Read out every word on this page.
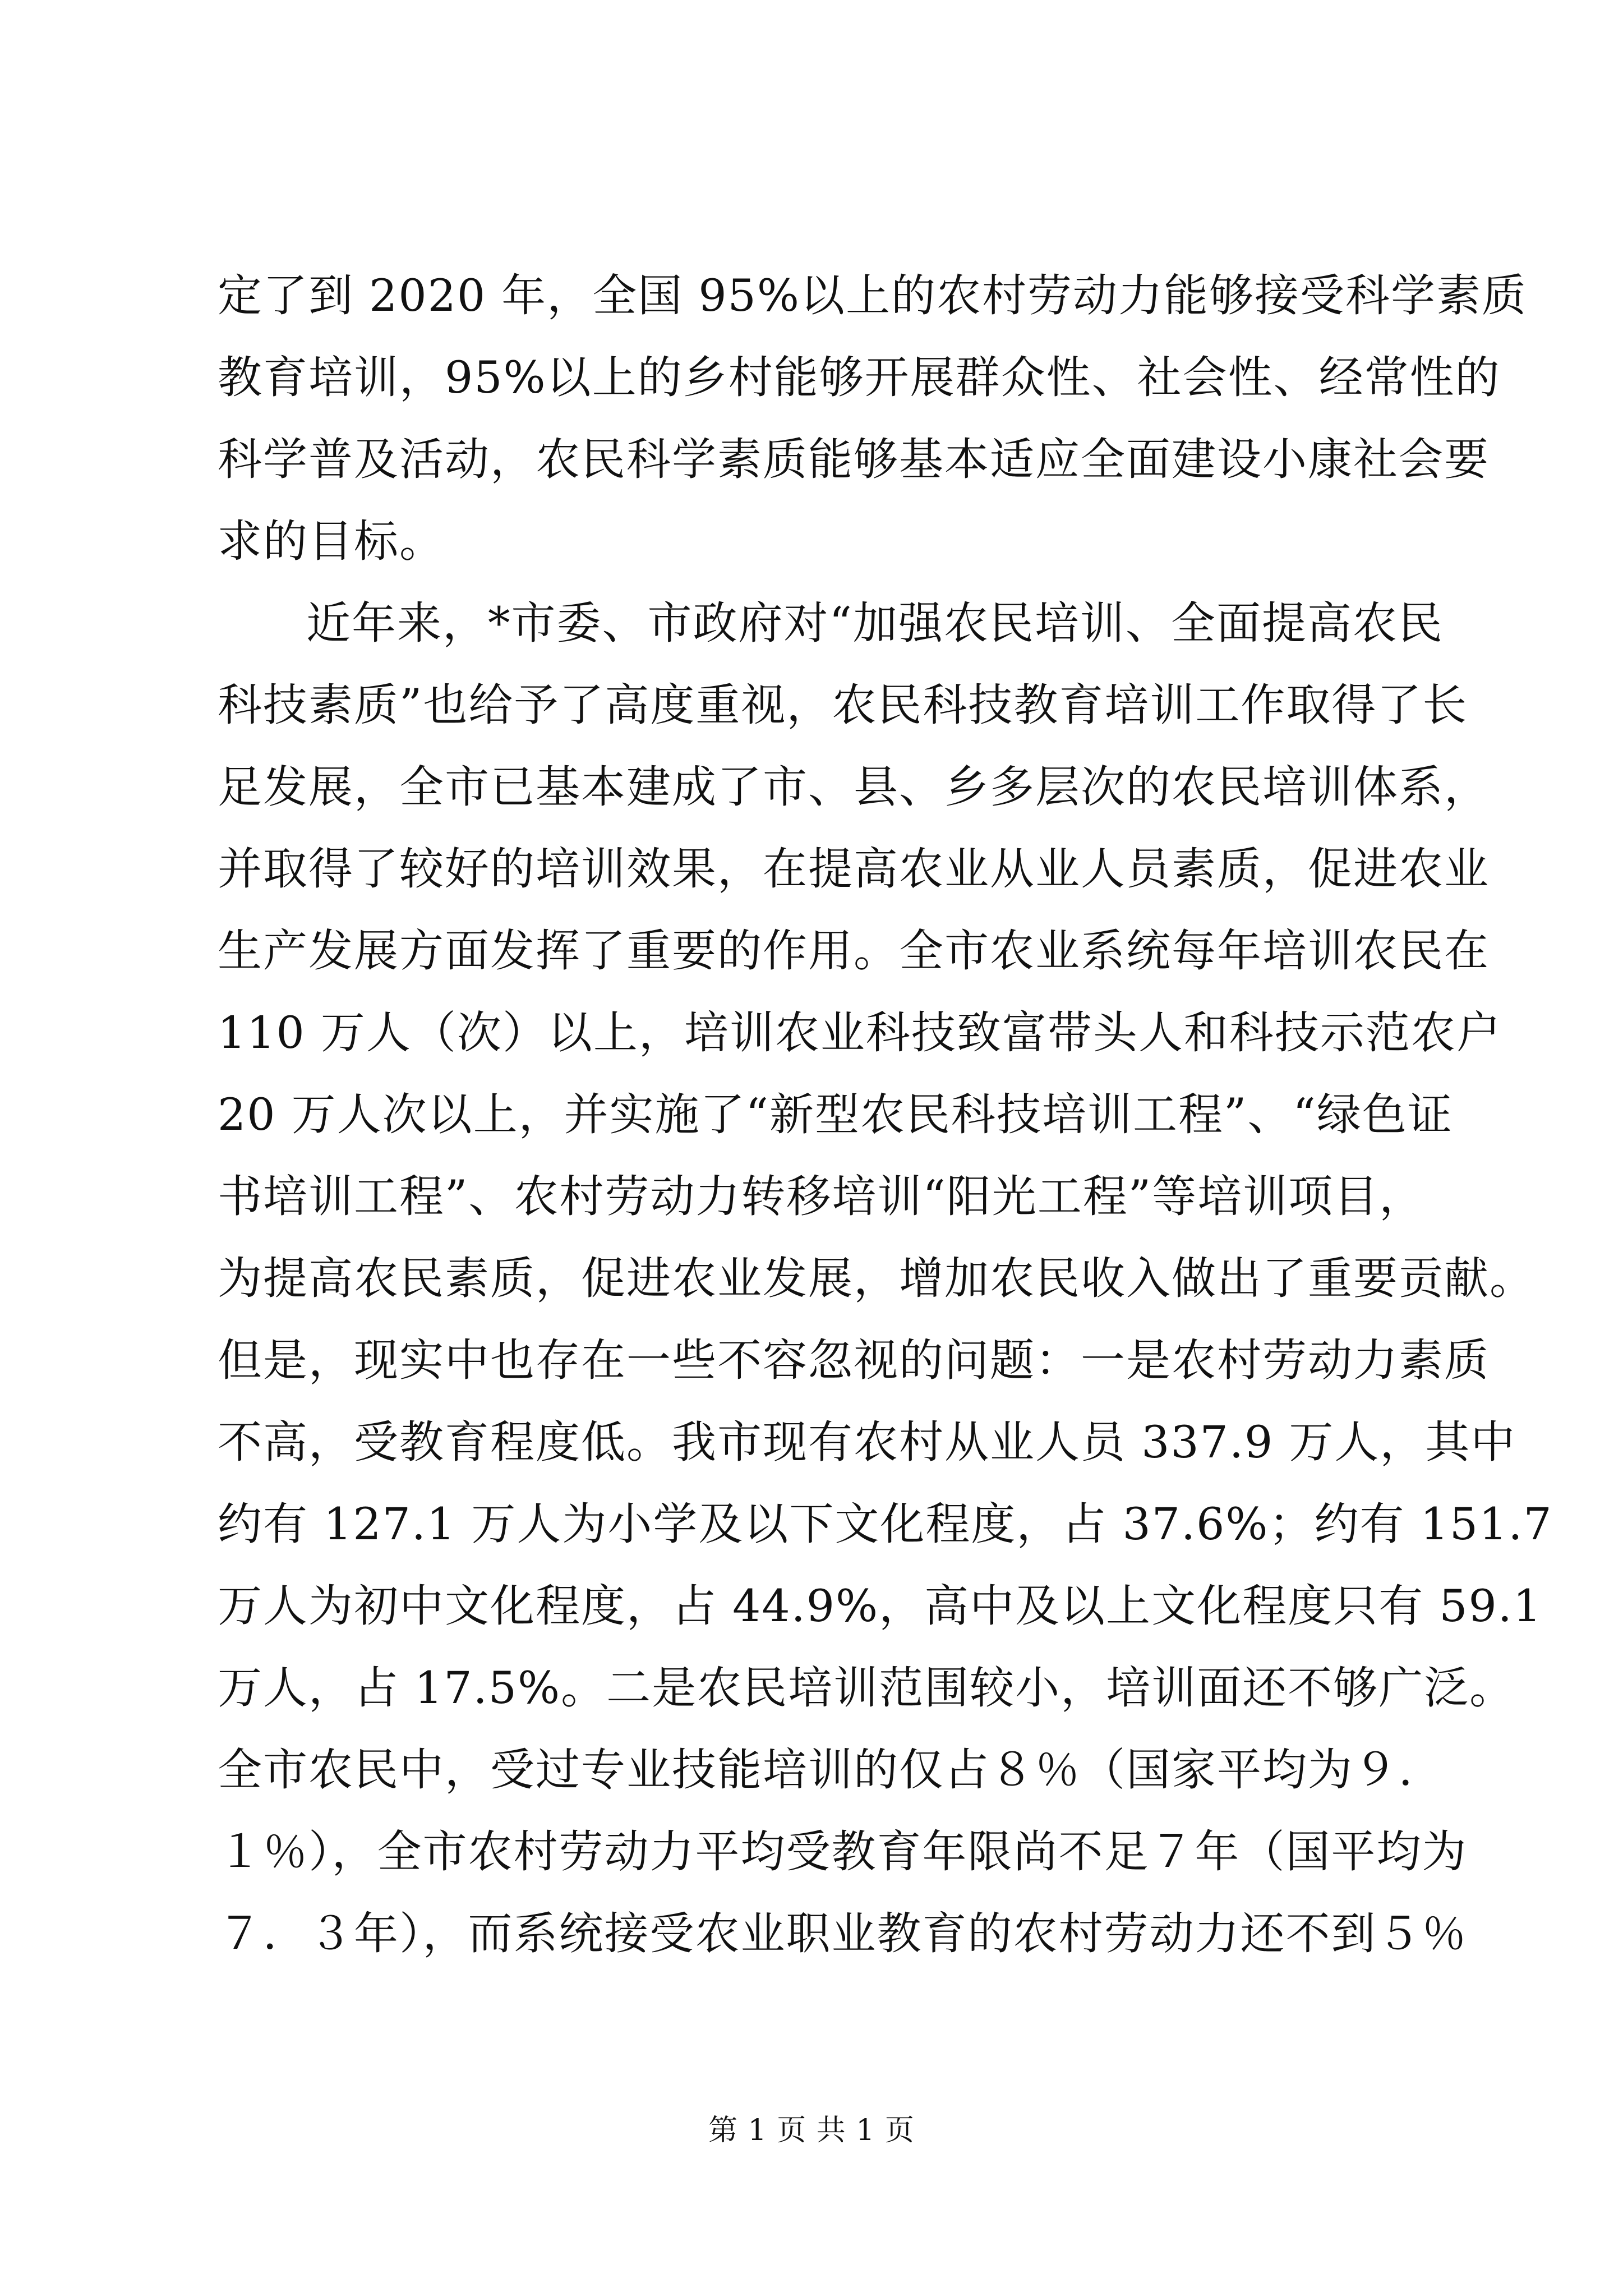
定了到 2020 年，全国 95%以上的农村劳动力能够接受科学素质
教育培训，95%以上的乡村能够开展群众性、社会性、经常性的
科学普及活动，农民科学素质能够基本适应全面建设小康社会要
求的目标。
近年来，*市委、市政府对“加强农民培训、全面提高农民
科技素质”也给予了高度重视，农民科技教育培训工作取得了长
足发展，全市已基本建成了市、县、乡多层次的农民培训体系，
并取得了较好的培训效果，在提高农业从业人员素质，促进农业
生产发展方面发挥了重要的作用。全市农业系统每年培训农民在
110 万人（次）以上，培训农业科技致富带头人和科技示范农户
20 万人次以上，并实施了“新型农民科技培训工程”、“绿色证
书培训工程”、农村劳动力转移培训“阳光工程”等培训项目，
为提高农民素质，促进农业发展，增加农民收入做出了重要贡献。
但是，现实中也存在一些不容忽视的问题：一是农村劳动力素质
不高，受教育程度低。我市现有农村从业人员 337.9 万人，其中
约有 127.1 万人为小学及以下文化程度，占 37.6%；约有 151.7
万人为初中文化程度，占 44.9%，高中及以上文化程度只有 59.1
万人，占 17.5%。二是农民培训范围较小，培训面还不够广泛。
全市农民中，受过专业技能培训的仅占８％（国家平均为９．
１％），全市农村劳动力平均受教育年限尚不足７年（国平均为
７．３年），而系统接受农业职业教育的农村劳动力还不到５％
第 1 页 共 1 页
